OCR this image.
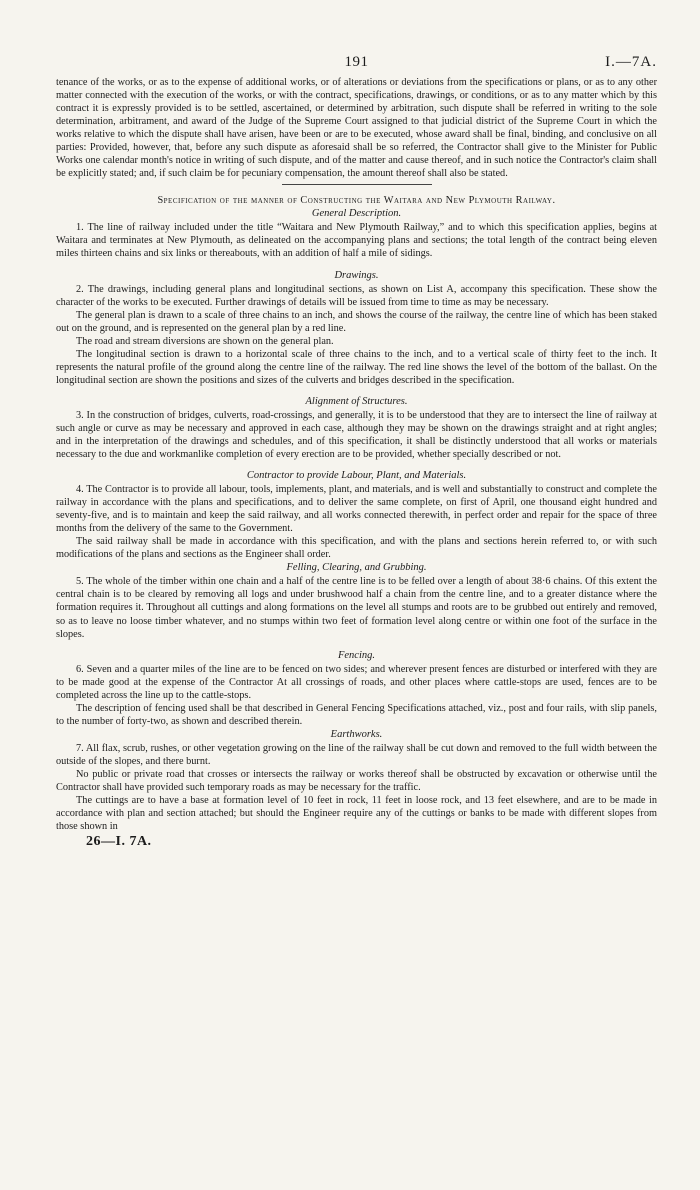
191	I.—7A.

tenance of the works, or as to the expense of additional works, or of alterations or deviations from the specifications or plans, or as to any other matter connected with the execution of the works, or with the contract, specifications, drawings, or conditions, or as to any matter which by this contract it is expressly provided is to be settled, ascertained, or determined by arbitration, such dispute shall be referred in writing to the sole determination, arbitrament, and award of the Judge of the Supreme Court assigned to that judicial district of the Supreme Court in which the works relative to which the dispute shall have arisen, have been or are to be executed, whose award shall be final, binding, and conclusive on all parties: Provided, however, that, before any such dispute as aforesaid shall be so referred, the Contractor shall give to the Minister for Public Works one calendar month's notice in writing of such dispute, and of the matter and cause thereof, and in such notice the Contractor's claim shall be explicitly stated; and, if such claim be for pecuniary compensation, the amount thereof shall also be stated.

Specification of the manner of Constructing the Waitara and New Plymouth Railway.
General Description.

1. The line of railway included under the title “Waitara and New Plymouth Railway,” and to which this specification applies, begins at Waitara and terminates at New Plymouth, as delineated on the accompanying plans and sections; the total length of the contract being eleven miles thirteen chains and six links or thereabouts, with an addition of half a mile of sidings.

Drawings.

2. The drawings, including general plans and longitudinal sections, as shown on List A, accompany this specification. These show the character of the works to be executed. Further drawings of details will be issued from time to time as may be necessary.

The general plan is drawn to a scale of three chains to an inch, and shows the course of the railway, the centre line of which has been staked out on the ground, and is represented on the general plan by a red line.

The road and stream diversions are shown on the general plan.

The longitudinal section is drawn to a horizontal scale of three chains to the inch, and to a vertical scale of thirty feet to the inch. It represents the natural profile of the ground along the centre line of the railway. The red line shows the level of the bottom of the ballast. On the longitudinal section are shown the positions and sizes of the culverts and bridges described in the specification.

Alignment of Structures.

3. In the construction of bridges, culverts, road-crossings, and generally, it is to be understood that they are to intersect the line of railway at such angle or curve as may be necessary and approved in each case, although they may be shown on the drawings straight and at right angles; and in the interpretation of the drawings and schedules, and of this specification, it shall be distinctly understood that all works or materials necessary to the due and workmanlike completion of every erection are to be provided, whether specially described or not.

Contractor to provide Labour, Plant, and Materials.

4. The Contractor is to provide all labour, tools, implements, plant, and materials, and is well and substantially to construct and complete the railway in accordance with the plans and specifications, and to deliver the same complete, on first of April, one thousand eight hundred and seventy-five, and is to maintain and keep the said railway, and all works connected therewith, in perfect order and repair for the space of three months from the delivery of the same to the Government.

The said railway shall be made in accordance with this specification, and with the plans and sections herein referred to, or with such modifications of the plans and sections as the Engineer shall order.

Felling, Clearing, and Grubbing.

5. The whole of the timber within one chain and a half of the centre line is to be felled over a length of about 38·6 chains. Of this extent the central chain is to be cleared by removing all logs and under brushwood half a chain from the centre line, and to a greater distance where the formation requires it. Throughout all cuttings and along formations on the level all stumps and roots are to be grubbed out entirely and removed, so as to leave no loose timber whatever, and no stumps within two feet of formation level along centre or within one foot of the surface in the slopes.

Fencing.

6. Seven and a quarter miles of the line are to be fenced on two sides; and wherever present fences are disturbed or interfered with they are to be made good at the expense of the Contractor At all crossings of roads, and other places where cattle-stops are used, fences are to be completed across the line up to the cattle-stops.

The description of fencing used shall be that described in General Fencing Specifications attached, viz., post and four rails, with slip panels, to the number of forty-two, as shown and described therein.

Earthworks.

7. All flax, scrub, rushes, or other vegetation growing on the line of the railway shall be cut down and removed to the full width between the outside of the slopes, and there burnt.

No public or private road that crosses or intersects the railway or works thereof shall be obstructed by excavation or otherwise until the Contractor shall have provided such temporary roads as may be necessary for the traffic.

The cuttings are to have a base at formation level of 10 feet in rock, 11 feet in loose rock, and 13 feet elsewhere, and are to be made in accordance with plan and section attached; but should the Engineer require any of the cuttings or banks to be made with different slopes from those shown in

26—I. 7A.
